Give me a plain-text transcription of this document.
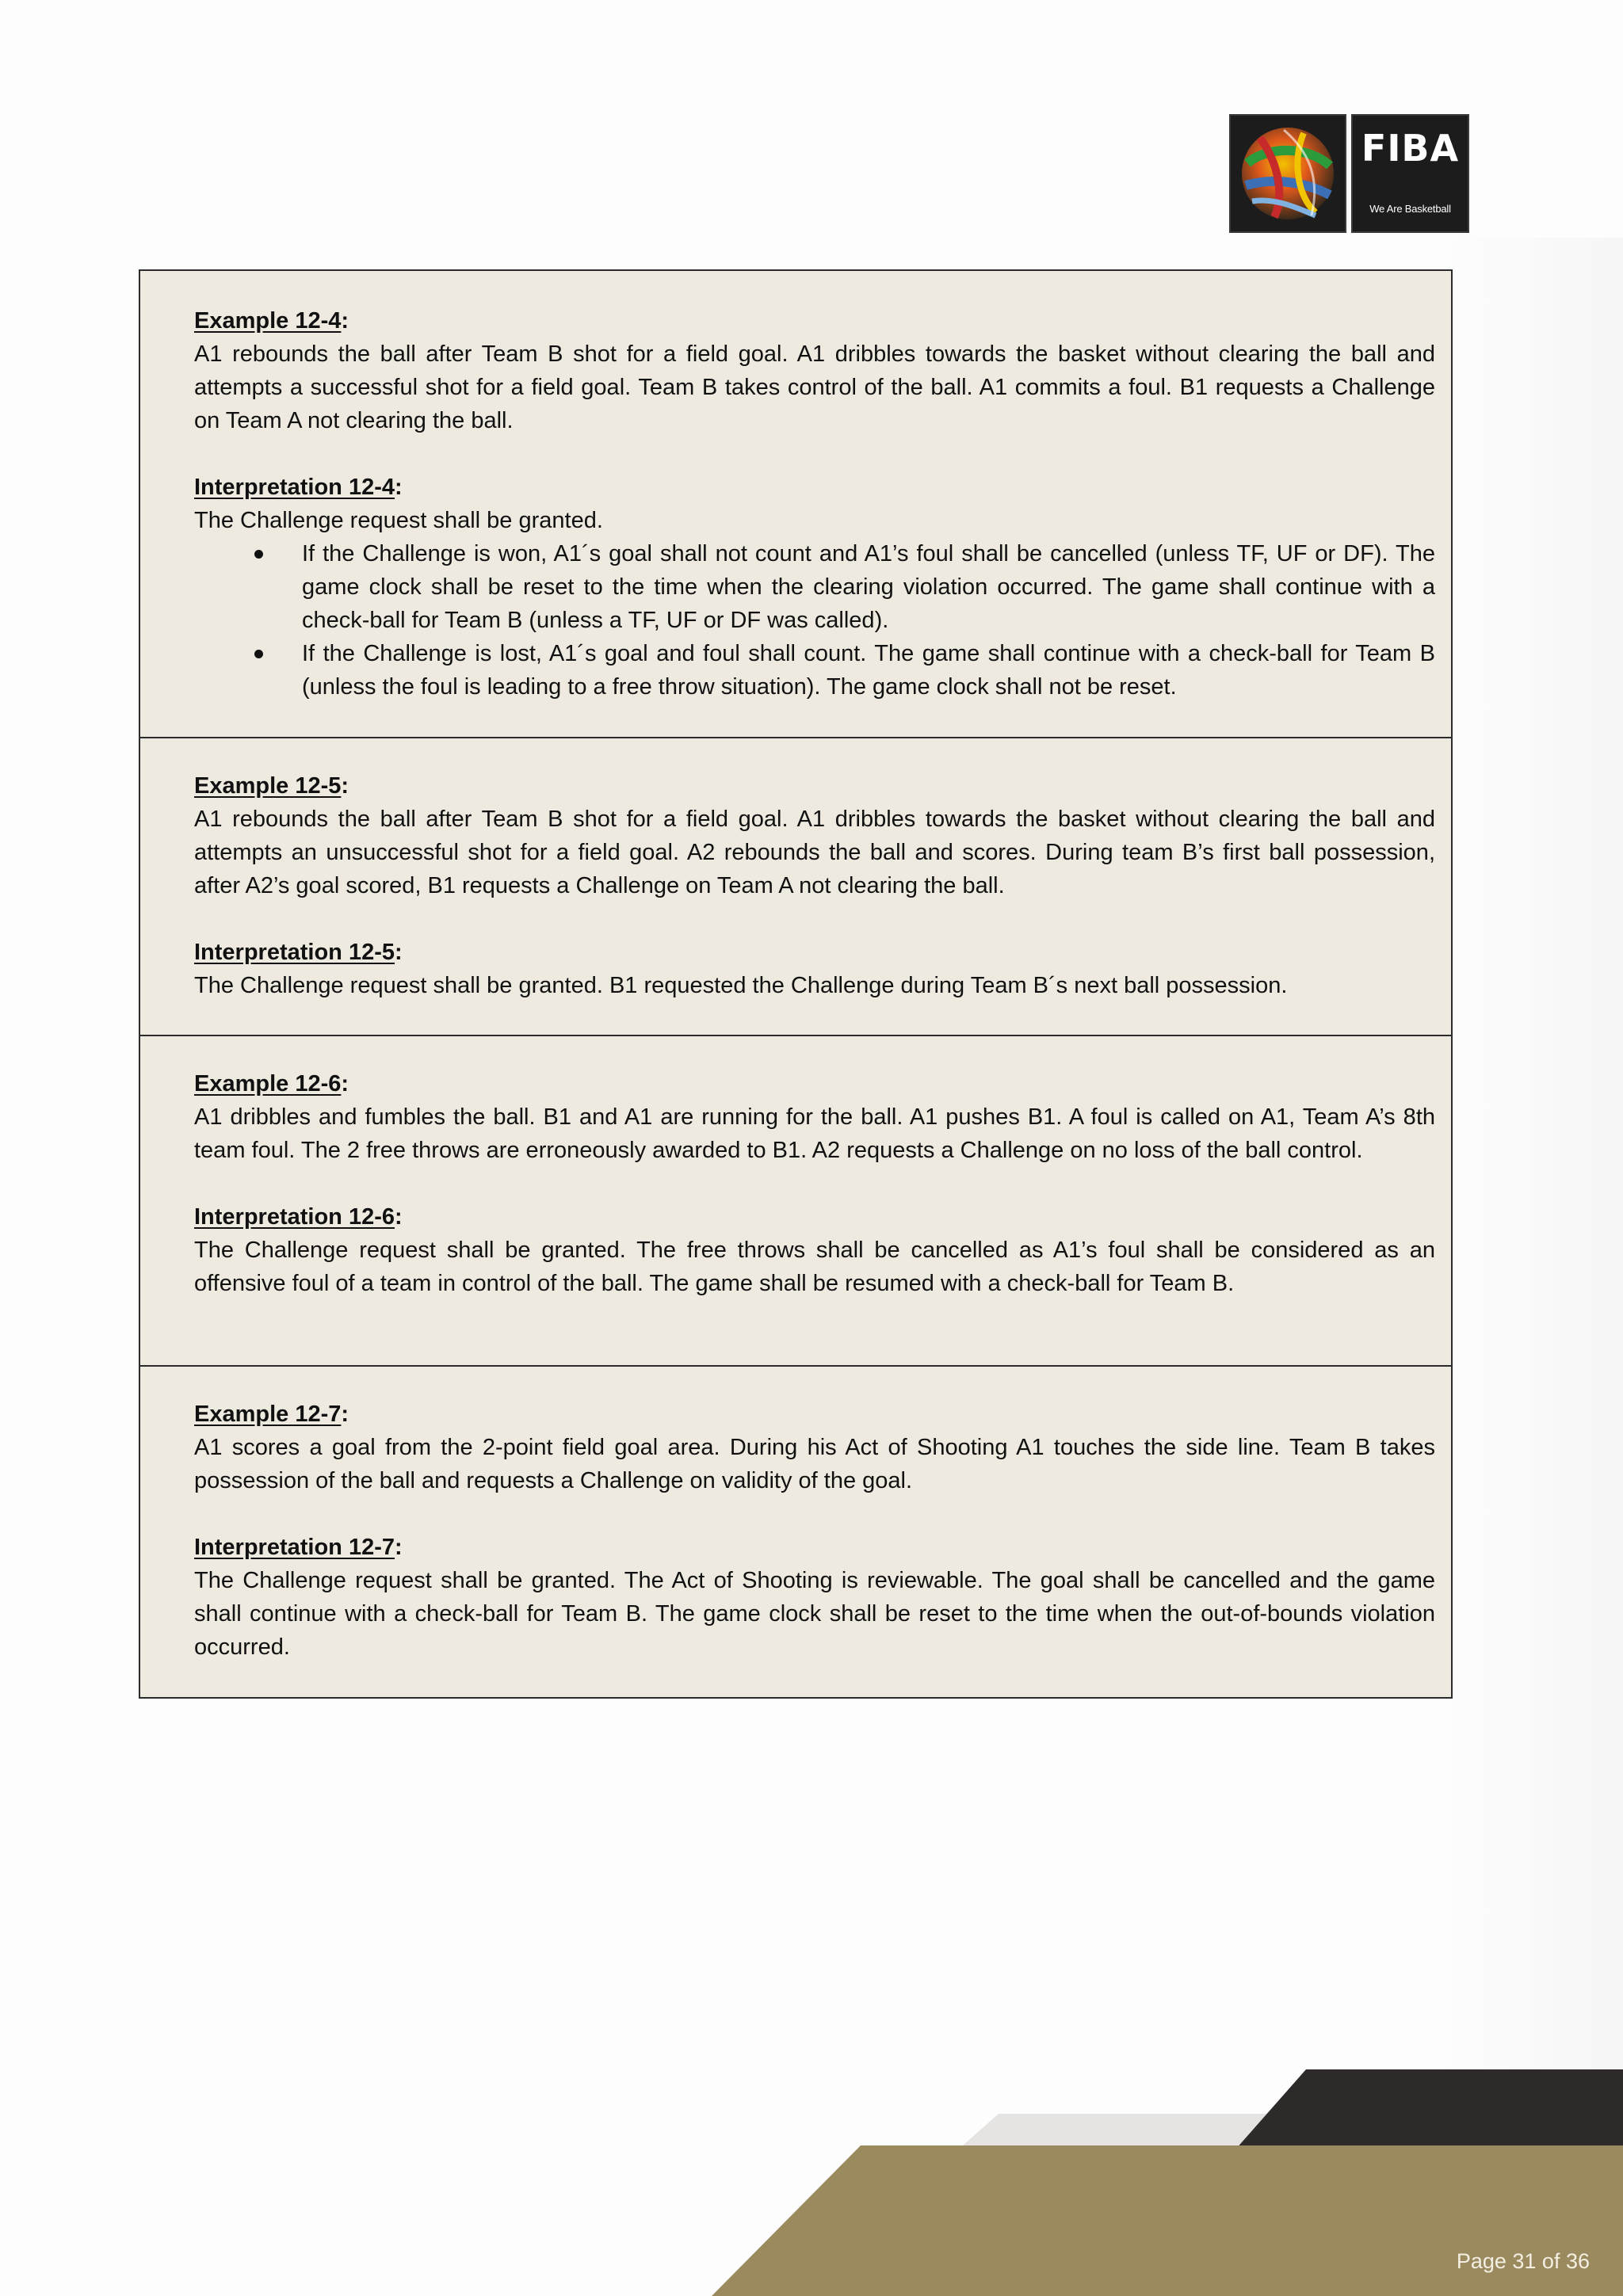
FIBA
We Are Basketball

Example 12-4:

A1 rebounds the ball after Team B shot for a field goal. A1 dribbles towards the basket without clearing the ball and attempts a successful shot for a field goal. Team B takes control of the ball. A1 commits a foul. B1 requests a Challenge on Team A not clearing the ball.

Interpretation 12-4:

The Challenge request shall be granted.

If the Challenge is won, A1´s goal shall not count and A1’s foul shall be cancelled (unless TF, UF or DF). The game clock shall be reset to the time when the clearing violation occurred. The game shall continue with a check-ball for Team B (unless a TF, UF or DF was called).
If the Challenge is lost, A1´s goal and foul shall count. The game shall continue with a check-ball for Team B (unless the foul is leading to a free throw situation). The game clock shall not be reset.

Example 12-5:

A1 rebounds the ball after Team B shot for a field goal. A1 dribbles towards the basket without clearing the ball and attempts an unsuccessful shot for a field goal. A2 rebounds the ball and scores. During team B’s first ball possession, after A2’s goal scored, B1 requests a Challenge on Team A not clearing the ball.

Interpretation 12-5:

The Challenge request shall be granted. B1 requested the Challenge during Team B´s next ball possession.

Example 12-6:

A1 dribbles and fumbles the ball. B1 and A1 are running for the ball. A1 pushes B1. A foul is called on A1, Team A’s 8th team foul. The 2 free throws are erroneously awarded to B1. A2 requests a Challenge on no loss of the ball control.

Interpretation 12-6:

The Challenge request shall be granted. The free throws shall be cancelled as A1’s foul shall be considered as an offensive foul of a team in control of the ball. The game shall be resumed with a check-ball for Team B.

Example 12-7:

A1 scores a goal from the 2-point field goal area. During his Act of Shooting A1 touches the side line. Team B takes possession of the ball and requests a Challenge on validity of the goal.

Interpretation 12-7:

The Challenge request shall be granted. The Act of Shooting is reviewable. The goal shall be cancelled and the game shall continue with a check-ball for Team B. The game clock shall be reset to the time when the out-of-bounds violation occurred.

Page 31 of 36
